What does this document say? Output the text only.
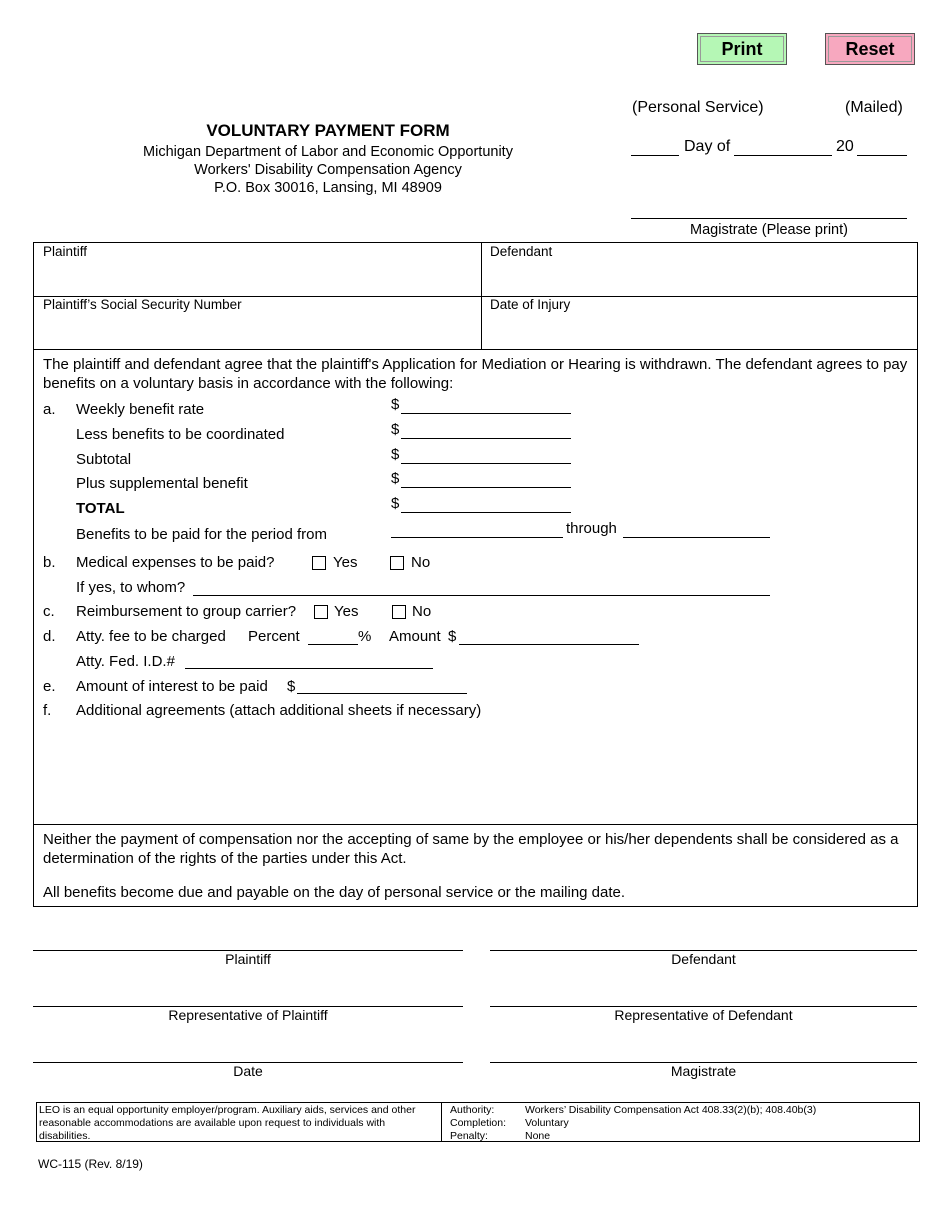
Print	Reset
VOLUNTARY PAYMENT FORM
Michigan Department of Labor and Economic Opportunity
Workers' Disability Compensation Agency
P.O. Box 30016, Lansing, MI 48909
(Personal Service)	(Mailed)
Day of	20
Magistrate (Please print)
Plaintiff	Defendant
Plaintiff’s Social Security Number	Date of Injury
The plaintiff and defendant agree that the plaintiff's Application for Mediation or Hearing is withdrawn. The defendant agrees to pay benefits on a voluntary basis in accordance with the following:
a. Weekly benefit rate	$
Less benefits to be coordinated	$
Subtotal	$
Plus supplemental benefit	$
TOTAL	$
Benefits to be paid for the period from	through
b. Medical expenses to be paid?	Yes	No
If yes, to whom?
c. Reimbursement to group carrier?	Yes	No
d. Atty. fee to be charged Percent	% Amount $
Atty. Fed. I.D.#
e. Amount of interest to be paid $
f. Additional agreements (attach additional sheets if necessary)
Neither the payment of compensation nor the accepting of same by the employee or his/her dependents shall be considered as a determination of the rights of the parties under this Act.
All benefits become due and payable on the day of personal service or the mailing date.
Plaintiff	Defendant
Representative of Plaintiff	Representative of Defendant
Date	Magistrate
LEO is an equal opportunity employer/program. Auxiliary aids, services and other reasonable accommodations are available upon request to individuals with disabilities.
Authority:	Workers’ Disability Compensation Act 408.33(2)(b); 408.40b(3)
Completion: Voluntary
Penalty:	None
WC-115 (Rev. 8/19)
